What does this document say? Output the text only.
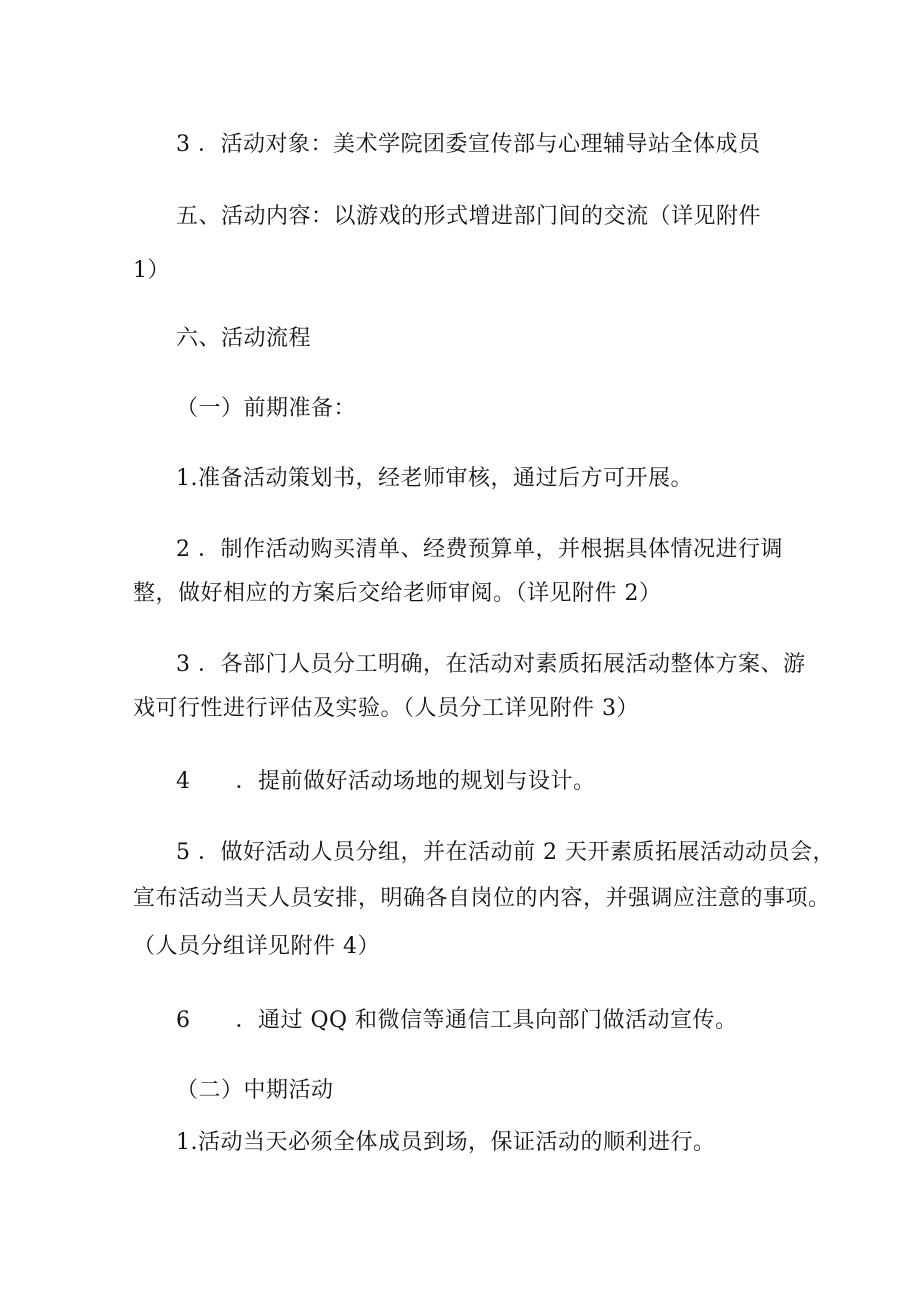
3 ．活动对象：美术学院团委宣传部与心理辅导站全体成员
五、活动内容：以游戏的形式增进部门间的交流（详见附件
1）
六、活动流程
（一）前期准备：
1.准备活动策划书，经老师审核，通过后方可开展。
2 ．制作活动购买清单、经费预算单，并根据具体情况进行调
整，做好相应的方案后交给老师审阅。（详见附件 2）
3 ．各部门人员分工明确，在活动对素质拓展活动整体方案、游
戏可行性进行评估及实验。（人员分工详见附件 3）
4　　．提前做好活动场地的规划与设计。
5 ．做好活动人员分组，并在活动前 2 天开素质拓展活动动员会，
宣布活动当天人员安排，明确各自岗位的内容，并强调应注意的事项。
（人员分组详见附件 4）
6　　．通过 QQ 和微信等通信工具向部门做活动宣传。
（二）中期活动
1.活动当天必须全体成员到场，保证活动的顺利进行。
